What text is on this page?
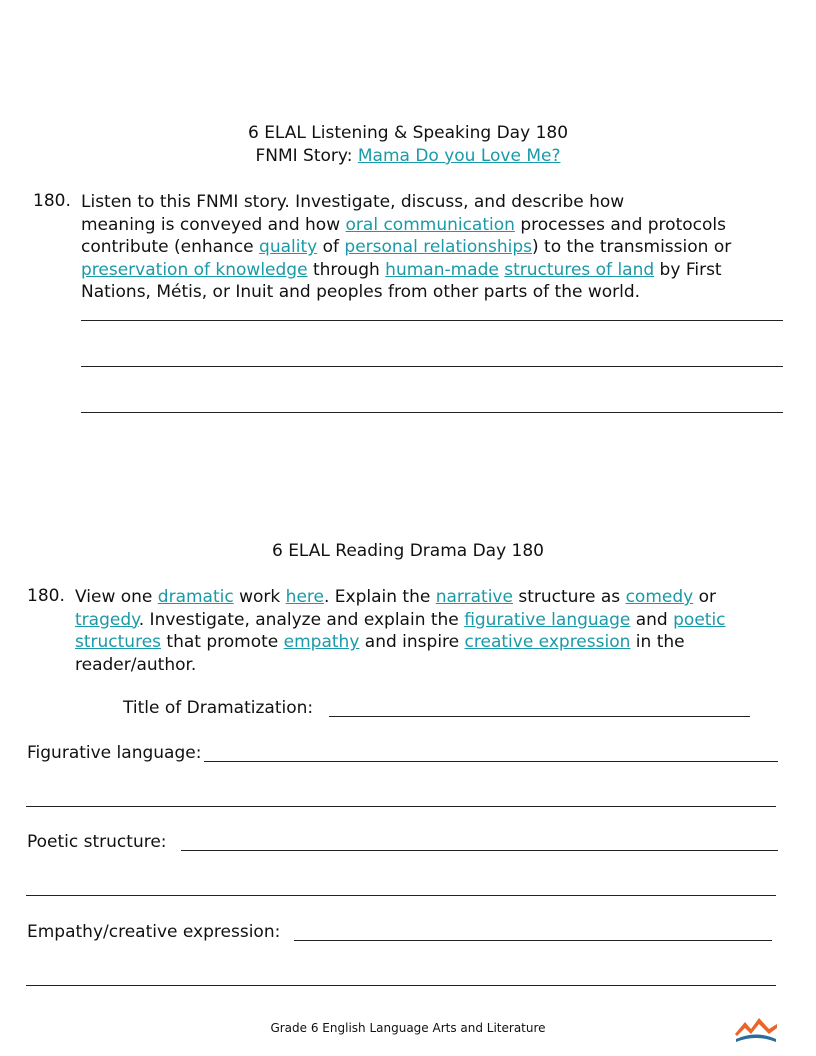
6 ELAL Listening & Speaking Day 180
FNMI Story: Mama Do you Love Me?
180. Listen to this FNMI story. Investigate, discuss, and describe how
meaning is conveyed and how oral communication processes and protocols
contribute (enhance quality of personal relationships) to the transmission or
preservation of knowledge through human-made structures of land by First
Nations, Métis, or Inuit and peoples from other parts of the world.
6 ELAL Reading Drama Day 180
180. View one dramatic work here. Explain the narrative structure as comedy or
tragedy. Investigate, analyze and explain the figurative language and poetic
structures that promote empathy and inspire creative expression in the
reader/author.
Title of Dramatization:
Figurative language:
Poetic structure:
Empathy/creative expression:
Grade 6 English Language Arts and Literature
